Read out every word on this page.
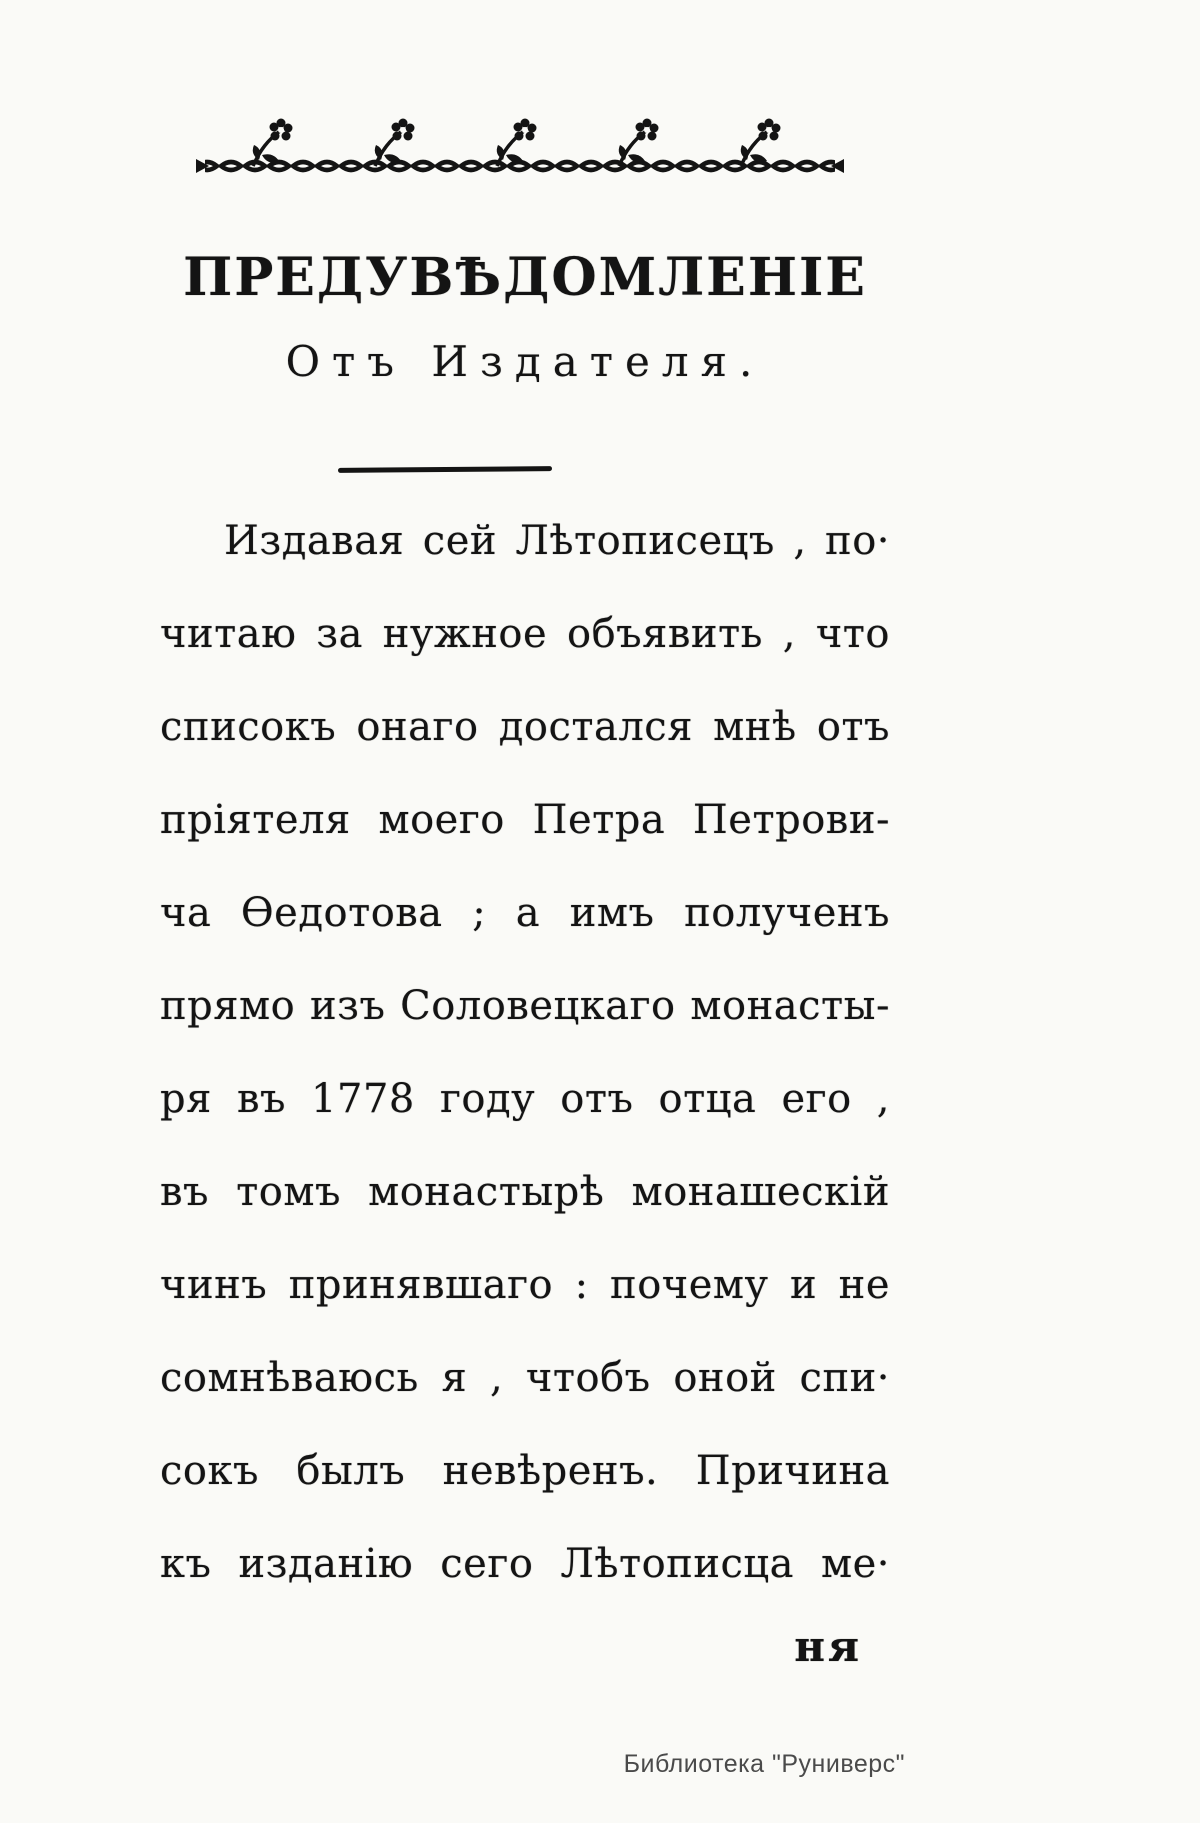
ПРЕДУВѢДОМЛЕНІЕ
Отъ Издателя.
Издавая сей Лѣтописецъ , по·
читаю за нужное объявить , что
списокъ онаго достался мнѣ отъ
пріятеля моего Петра Петрови-
ча Ѳедотова ; а имъ полученъ
прямо изъ Соловецкаго монасты-
ря въ 1778 году отъ отца его ,
въ томъ монастырѣ монашескій
чинъ принявшаго : почему и не
сомнѣваюсь я , чтобъ оной спи·
сокъ былъ невѣренъ. Причина
къ изданію сего Лѣтописца ме·
ня
Библиотека "Руниверс"
